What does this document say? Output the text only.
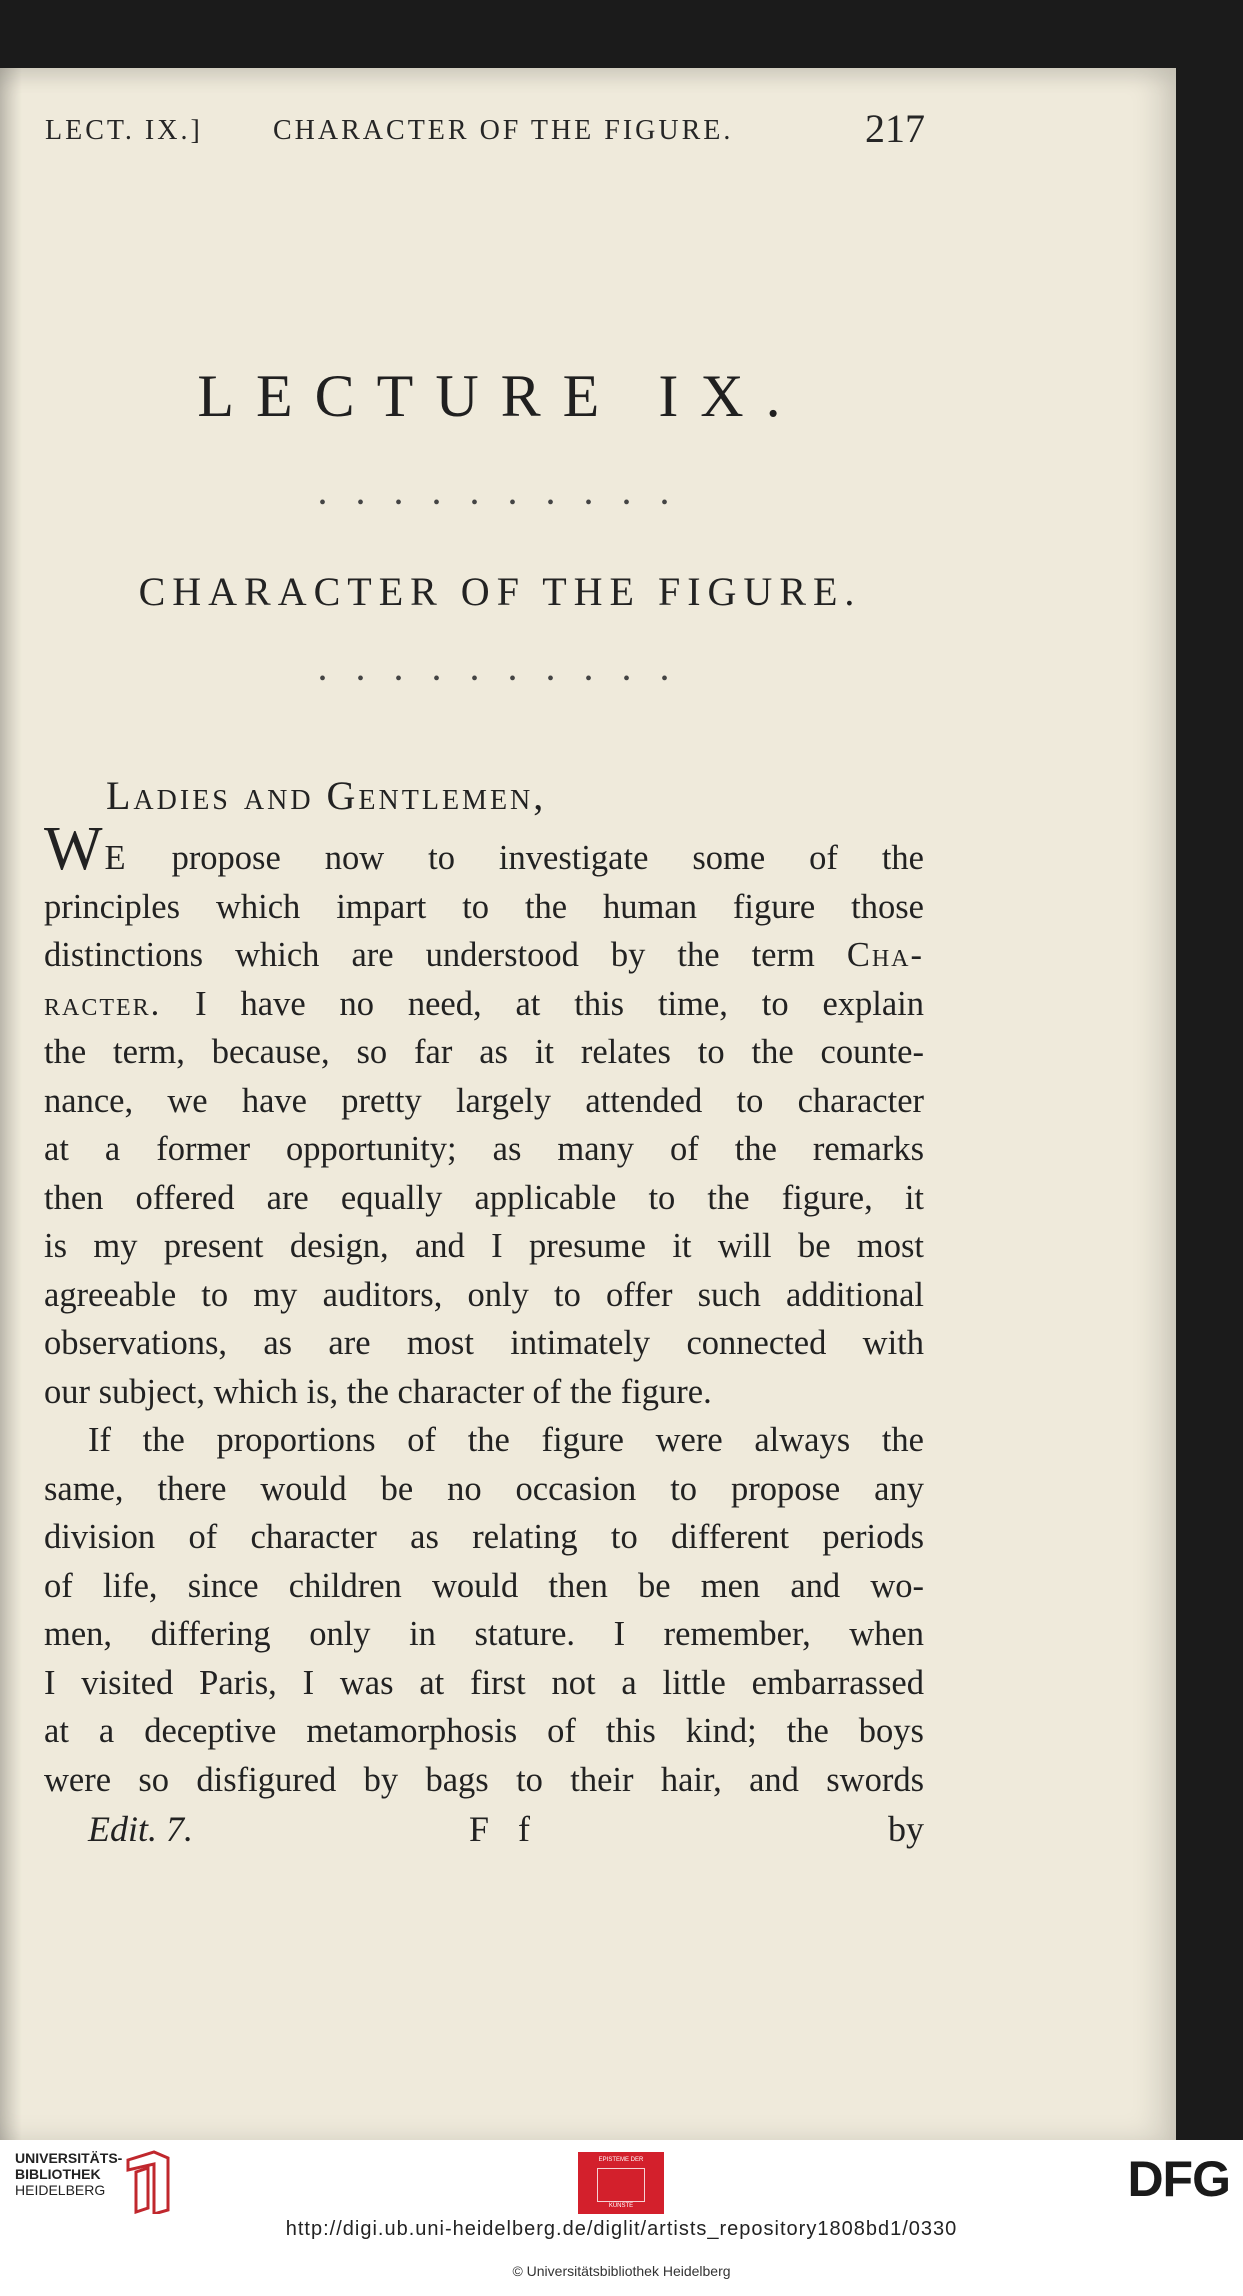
LECT. IX.]	CHARACTER OF THE FIGURE.	217
LECTURE IX.
• • • • • • • • • •
CHARACTER OF THE FIGURE.
• • • • • • • • • •
Ladies and Gentlemen,
WE propose now to investigate some of the
principles which impart to the human figure those
distinctions which are understood by the term Cha-
racter. I have no need, at this time, to explain
the term, because, so far as it relates to the counte-
nance, we have pretty largely attended to character
at a former opportunity; as many of the remarks
then offered are equally applicable to the figure, it
is my present design, and I presume it will be most
agreeable to my auditors, only to offer such additional
observations, as are most intimately connected with
our subject, which is, the character of the figure.
If the proportions of the figure were always the
same, there would be no occasion to propose any
division of character as relating to different periods
of life, since children would then be men and wo-
men, differing only in stature. I remember, when
I visited Paris, I was at first not a little embarrassed
at a deceptive metamorphosis of this kind; the boys
were so disfigured by bags to their hair, and swords
Edit. 7.	F f	by
UNIVERSITÄTS-
BIBLIOTHEK
HEIDELBERG
EPISTEME DER
KÜNSTE	DFG
http://digi.ub.uni-heidelberg.de/diglit/artists_repository1808bd1/0330
© Universitätsbibliothek Heidelberg
